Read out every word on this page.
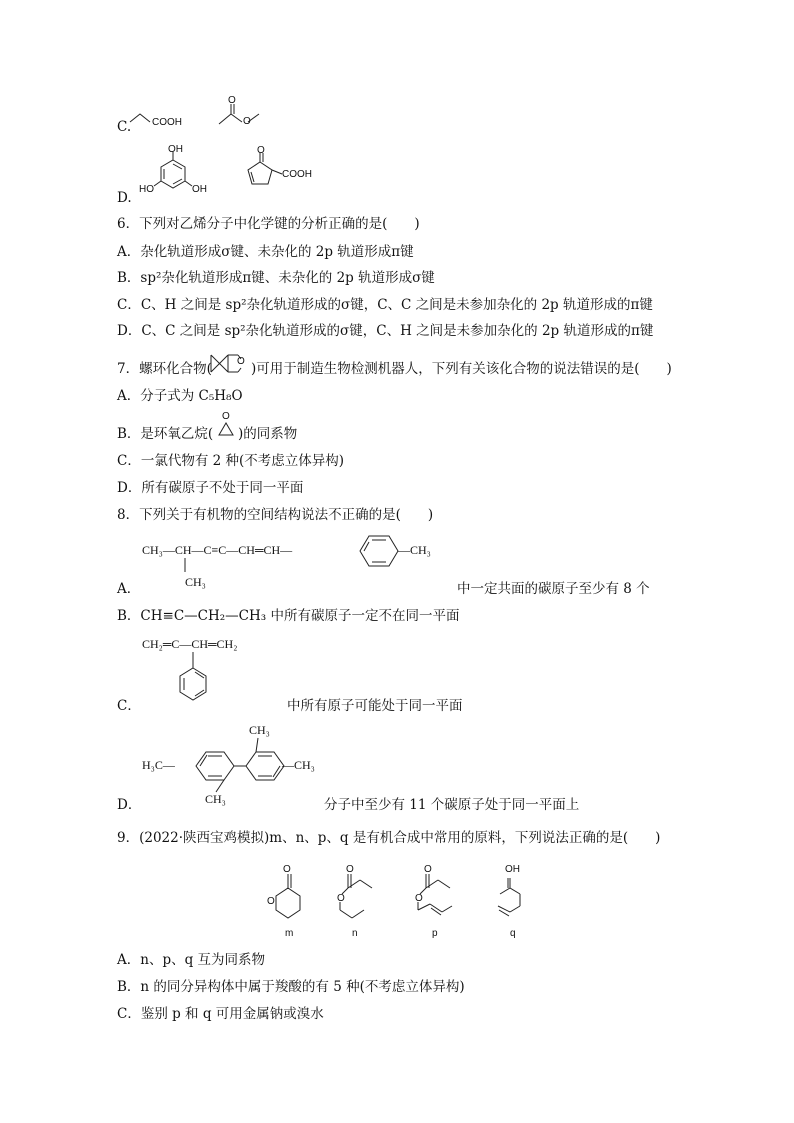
C. COOH
O
O
D.
OH
HO	OH
O
COOH
6．下列对乙烯分子中化学键的分析正确的是(　　)
A．杂化轨道形成σ键、未杂化的 2p 轨道形成π键
B．sp²杂化轨道形成π键、未杂化的 2p 轨道形成σ键
C．C、H 之间是 sp²杂化轨道形成的σ键，C、C 之间是未参加杂化的 2p 轨道形成的π键
D．C、C 之间是 sp²杂化轨道形成的σ键，C、H 之间是未参加杂化的 2p 轨道形成的π键
7．螺环化合物(	O )可用于制造生物检测机器人，下列有关该化合物的说法错误的是(　　)
A．分子式为 C₅H₈O
B．是环氧乙烷(
O
)的同系物
C．一氯代物有 2 种(不考虑立体异构)
D．所有碳原子不处于同一平面
8．下列关于有机物的空间结构说法不正确的是(　　)
CH₃—CH—C≡C—CH═CH—	—CH₃
CH₃
A．	中一定共面的碳原子至少有 8 个
B．CH≡C—CH₂—CH₃ 中所有碳原子一定不在同一平面
CH₂═C—CH═CH₂
C．	中所有原子可能处于同一平面
H₃C—	—CH₃
CH₃
CH₃
D．	分子中至少有 11 个碳原子处于同一平面上
9．(2022·陕西宝鸡模拟)m、n、p、q 是有机合成中常用的原料，下列说法正确的是(　　)
O
O
m
O
O
n
O
O
p
OH
q
A．n、p、q 互为同系物
B．n 的同分异构体中属于羧酸的有 5 种(不考虑立体异构)
C．鉴别 p 和 q 可用金属钠或溴水
